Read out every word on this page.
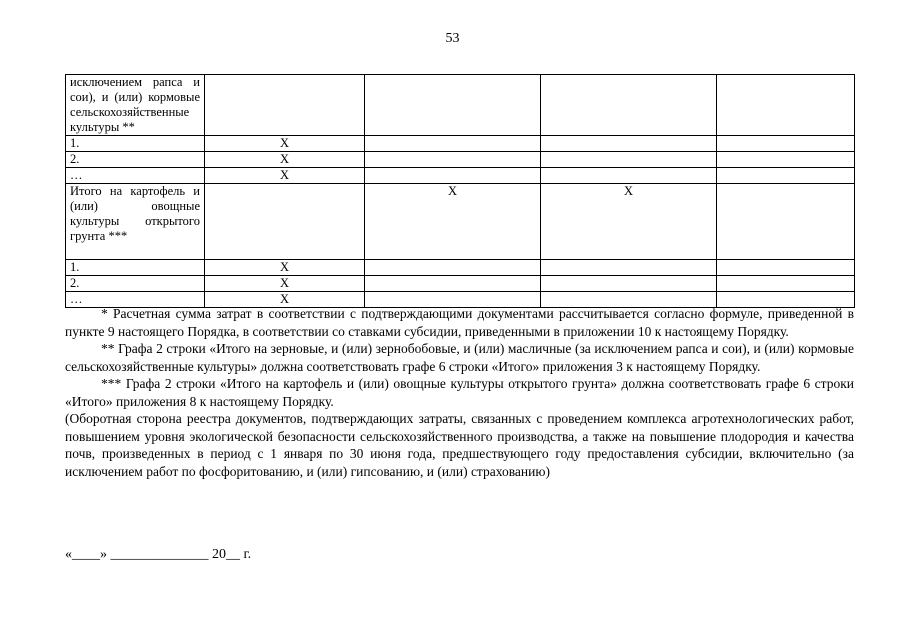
53
исключением рапса и сои), и (или) кормовые сельскохозяйственные культуры **				
1.	Х			
2.	Х			
…	Х			
Итого на картофель и (или) овощные культуры открытого грунта ***		Х	Х	
1.	Х			
2.	Х			
…	Х			

* Расчетная сумма затрат в соответствии с подтверждающими документами рассчитывается согласно формуле, приведенной в пункте 9 настоящего Порядка, в соответствии со ставками субсидии, приведенными в приложении 10 к настоящему Порядку.

** Графа 2 строки «Итого на зерновые, и (или) зернобобовые, и (или) масличные (за исключением рапса и сои), и (или) кормовые сельскохозяйственные культуры» должна соответствовать графе 6 строки «Итого» приложения 3 к настоящему Порядку.

*** Графа 2 строки «Итого на картофель и (или) овощные культуры открытого грунта» должна соответствовать графе 6 строки «Итого» приложения 8 к настоящему Порядку.

(Оборотная сторона реестра документов, подтверждающих затраты, связанных с проведением комплекса агротехнологических работ, повышением уровня экологической безопасности сельскохозяйственного производства, а также на повышение плодородия и качества почв, произведенных в период с 1 января по 30 июня года, предшествующего году предоставления субсидии, включительно (за исключением работ по фосфоритованию, и (или) гипсованию, и (или) страхованию)

«____» ______________ 20__ г.
